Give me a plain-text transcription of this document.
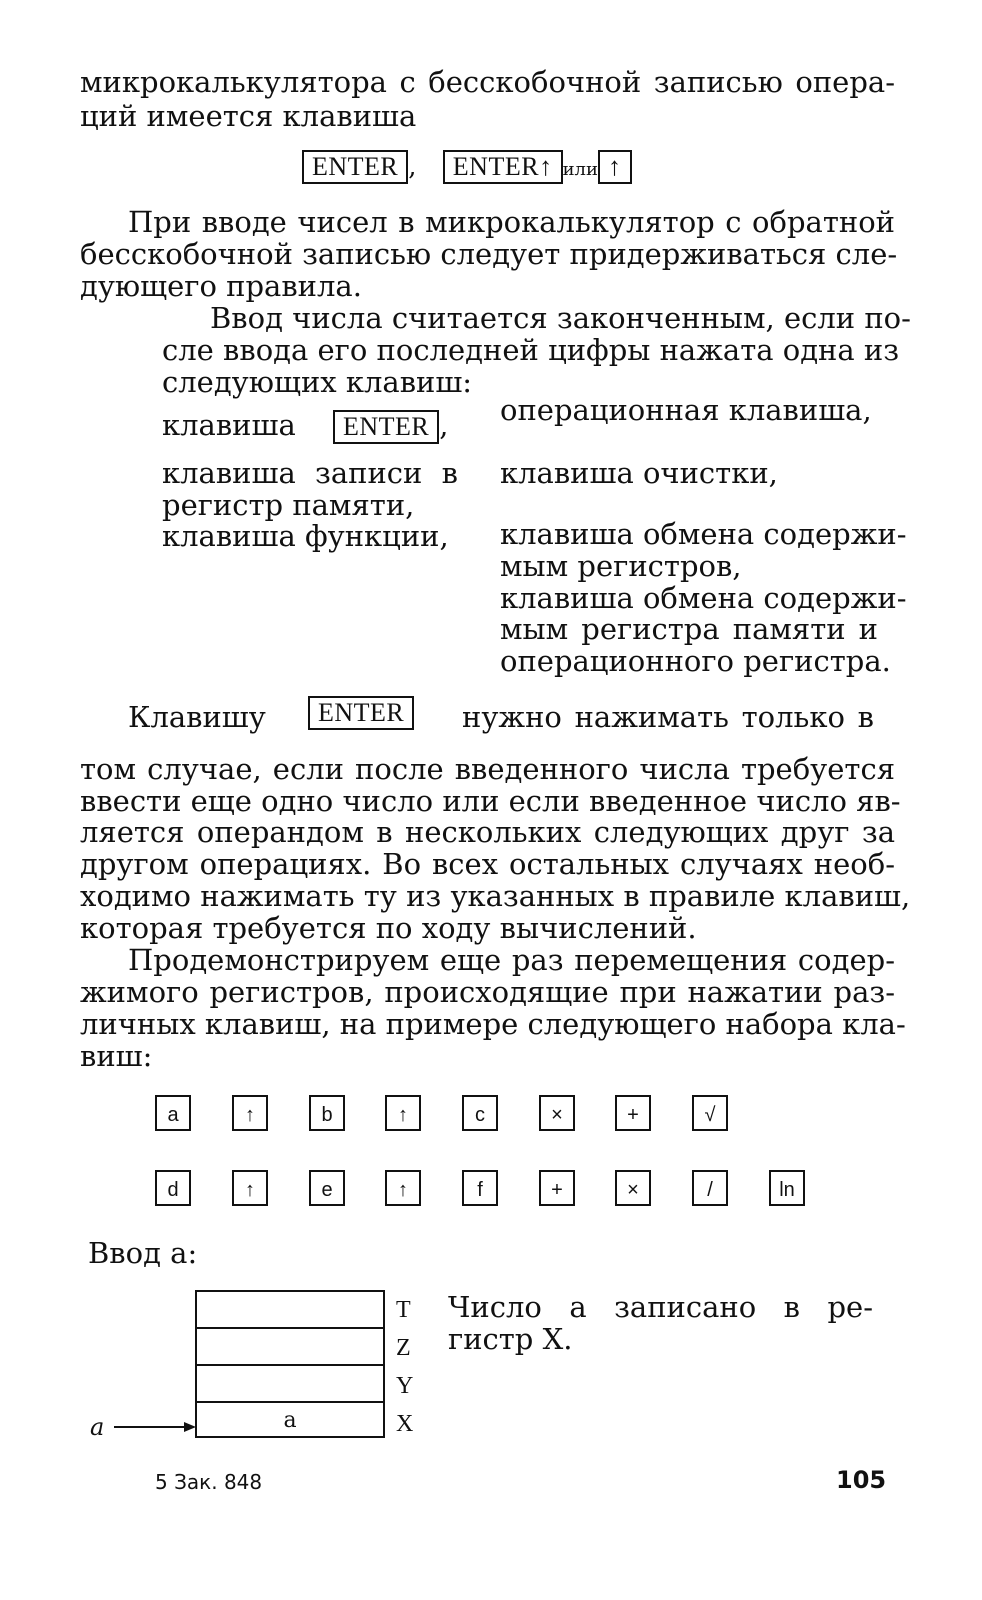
микрокалькулятора с бесскобочной записью опера-
ций имеется клавиша
ENTER , ENTER↑ или ↑
При вводе чисел в микрокалькулятор с обратной
бесскобочной записью следует придерживаться сле-
дующего правила.
Ввод числа считается законченным, если по-
сле ввода его последней цифры нажата одна из
следующих клавиш:
клавиша ENTER ,
клавиша записи в
регистр памяти,
клавиша функции,
операционная клавиша,
клавиша очистки,
клавиша обмена содержи-
мым регистров,
клавиша обмена содержи-
мым регистра памяти и
операционного регистра.
Клавишу	ENTER	нужно нажимать только в
том случае, если после введенного числа требуется
ввести еще одно число или если введенное число яв-
ляется операндом в нескольких следующих друг за
другом операциях. Во всех остальных случаях необ-
ходимо нажимать ту из указанных в правиле клавиш,
которая требуется по ходу вычислений.
Продемонстрируем еще раз перемещения содер-
жимого регистров, происходящие при нажатии раз-
личных клавиш, на примере следующего набора кла-
виш:
a	↑	b	↑	c	×	+	√
d	↑	e	↑	f	+	×	/	ln
Ввод a:
a
T
Z
Y
X
a
Число a записано в ре-
гистр X.
5 Зак. 848	105
